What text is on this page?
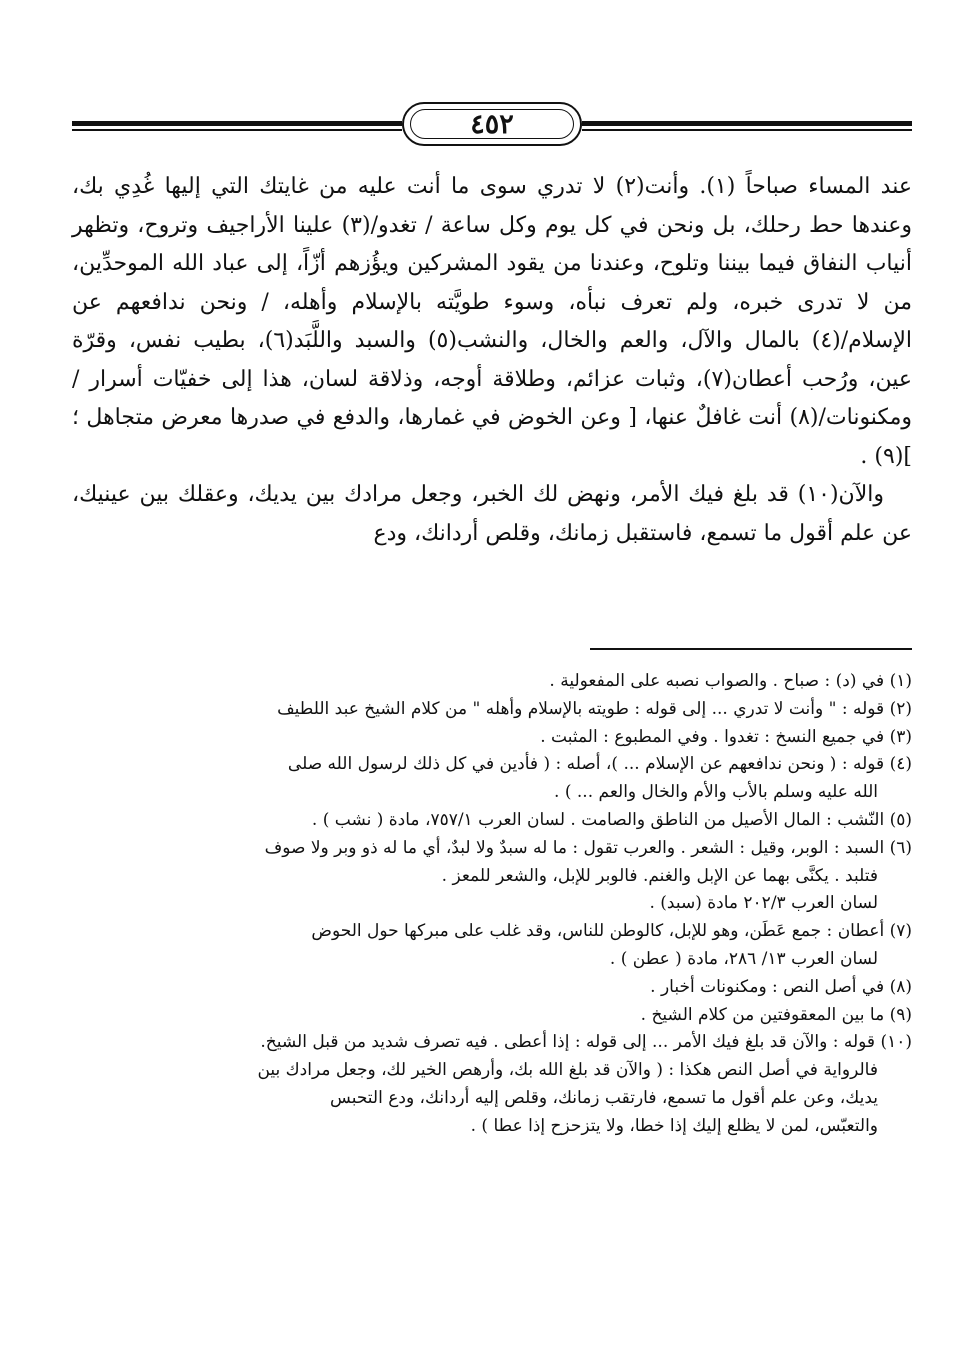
٤٥٢

عند المساء صباحاً (١). وأنت(٢) لا تدري سوى ما أنت عليه من غايتك التي إليها غُدِي بك، وعندها حط رحلك، بل ونحن في كل يوم وكل ساعة / تغدو/(٣) علينا الأراجيف وتروح، وتظهر أنياب النفاق فيما بيننا وتلوح، وعندنا من يقود المشركين ويؤُزهم أزّاً، إلى عباد الله الموحدِّين، من لا تدرى خبره، ولم تعرف نبأه، وسوء طويَّته بالإسلام وأهله، / ونحن ندافعهم عن الإسلام/(٤) بالمال والآل، والعم والخال، والنشب(٥) والسبد واللَّبَد(٦)، بطيب نفس، وقرّة عين، ورُحب أعطان(٧)، وثبات عزائم، وطلاقة أوجه، وذلاقة لسان، هذا إلى خفيّات أسرار /ومكنونات/(٨) أنت غافلٌ عنها، [ وعن الخوض في غمارها، والدفع في صدرها معرض متجاهل ؛ ](٩) .

والآن(١٠) قد بلغ فيك الأمر، ونهض لك الخبر، وجعل مرادك بين يديك، وعقلك بين عينيك، عن علم أقول ما تسمع، فاستقبل زمانك، وقلص أردانك، ودع

(١) في (د) : صباح . والصواب نصبه على المفعولية .
(٢) قوله : " وأنت لا تدري ... إلى قوله : طويته بالإسلام وأهله " من كلام الشيخ عبد اللطيف
(٣) في جميع النسخ : تغدوا . وفي المطبوع : المثبت .
(٤) قوله : ( ونحن ندافعهم عن الإسلام ... )، أصله : ( فأدين في كل ذلك لرسول الله صلى
الله عليه وسلم بالأب والأم والخال والعم ... ) .
(٥) النّشب : المال الأصيل من الناطق والصامت . لسان العرب ٧٥٧/١، مادة ( نشب ) .
(٦) السبد : الوبر، وقيل : الشعر . والعرب تقول : ما له سبدٌ ولا لبدٌ، أي ما له ذو وبر ولا صوف
فتلبد . يكنَّى بهما عن الإبل والغنم. فالوبر للإبل، والشعر للمعز .
لسان العرب ٢٠٢/٣ مادة (سبد) .
(٧) أعطان : جمع عَطَن، وهو للإبل، كالوطن للناس، وقد غلب على مبركها حول الحوض
لسان العرب ١٣/ ٢٨٦، مادة ( عطن ) .
(٨) في أصل النص : ومكنونات أخبار .
(٩) ما بين المعقوفتين من كلام الشيخ .
(١٠) قوله : والآن قد بلغ فيك الأمر ... إلى قوله : إذا أعطى . فيه تصرف شديد من قبل الشيخ.
فالرواية في أصل النص هكذا : ( والآن قد بلغ الله بك، وأرهص الخير لك، وجعل مرادك بين
يديك، وعن علم أقول ما تسمع، فارتقب زمانك، وقلص إليه أردانك، ودع التحبس
والتعبّس، لمن لا يظلع إليك إذا خطا، ولا يتزحزح إذا عطا ) .
